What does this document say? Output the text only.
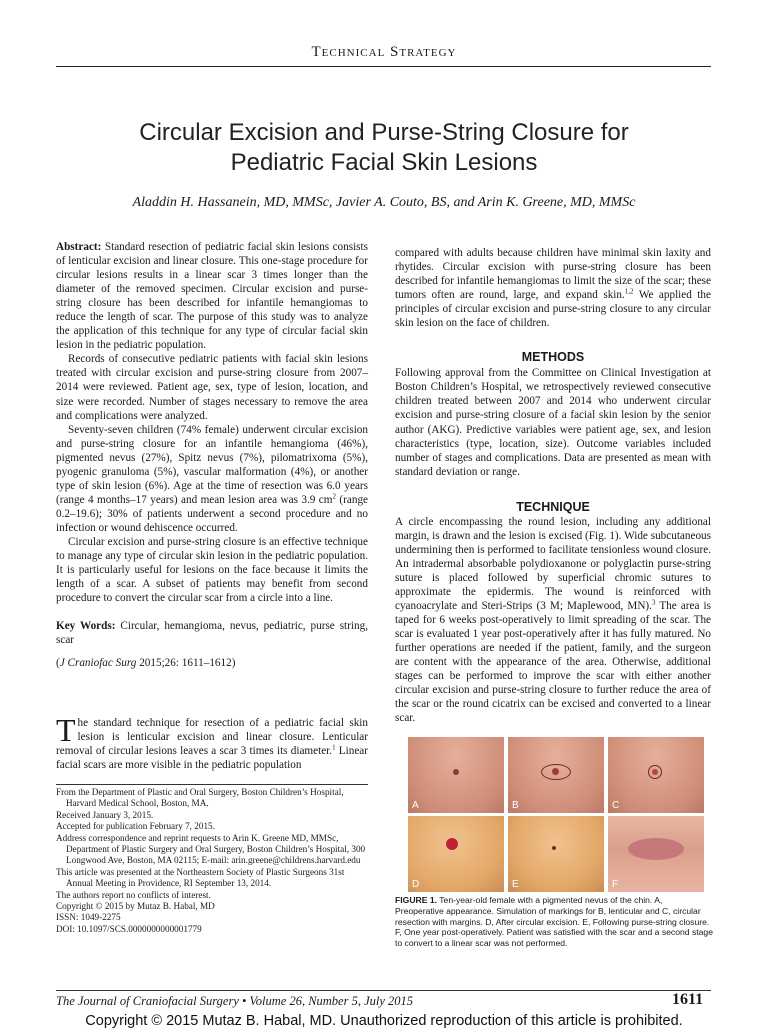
Technical Strategy
Circular Excision and Purse-String Closure for
Pediatric Facial Skin Lesions
Aladdin H. Hassanein, MD, MMSc, Javier A. Couto, BS, and Arin K. Greene, MD, MMSc

Abstract: Standard resection of pediatric facial skin lesions consists of lenticular excision and linear closure. This one-stage procedure for circular lesions results in a linear scar 3 times longer than the diameter of the removed specimen. Circular excision and purse-string closure has been described for infantile hemangiomas to reduce the length of scar. The purpose of this study was to analyze the application of this technique for any type of circular facial skin lesion in the pediatric population.

Records of consecutive pediatric patients with facial skin lesions treated with circular excision and purse-string closure from 2007–2014 were reviewed. Patient age, sex, type of lesion, location, and size were recorded. Number of stages necessary to remove the area and complications were analyzed.

Seventy-seven children (74% female) underwent circular excision and purse-string closure for an infantile hemangioma (46%), pigmented nevus (27%), Spitz nevus (7%), pilomatrixoma (5%), pyogenic granuloma (5%), vascular malformation (4%), or another type of skin lesion (6%). Age at the time of resection was 6.0 years (range 4 months–17 years) and mean lesion area was 3.9 $cm^2$ (range 0.2–19.6); 30% of patients underwent a second procedure and no infection or wound dehiscence occurred.

Circular excision and purse-string closure is an effective technique to manage any type of circular skin lesion in the pediatric population. It is particularly useful for lesions on the face because it limits the length of a scar. A subset of patients may benefit from second procedure to convert the circular scar from a circle into a line.

Key Words: Circular, hemangioma, nevus, pediatric, purse string, scar

(J Craniofac Surg 2015;26: 1611–1612)

The standard technique for resection of a pediatric facial skin lesion is lenticular excision and linear closure. Lenticular removal of circular lesions leaves a scar 3 times its diameter.$^1$ Linear facial scars are more visible in the pediatric population
From the Department of Plastic and Oral Surgery, Boston Children’s Hospital, Harvard Medical School, Boston, MA.
Received January 3, 2015.
Accepted for publication February 7, 2015.
Address correspondence and reprint requests to Arin K. Greene MD, MMSc, Department of Plastic Surgery and Oral Surgery, Boston Children’s Hospital, 300 Longwood Ave, Boston, MA 02115; E-mail: arin.greene@childrens.harvard.edu
This article was presented at the Northeastern Society of Plastic Surgeons 31st Annual Meeting in Providence, RI September 13, 2014.
The authors report no conflicts of interest.
Copyright © 2015 by Mutaz B. Habal, MD
ISSN: 1049-2275
DOI: 10.1097/SCS.0000000000001779

compared with adults because children have minimal skin laxity and rhytides. Circular excision with purse-string closure has been described for infantile hemangiomas to limit the size of the scar; these tumors often are round, large, and expand skin.$^{1,2}$ We applied the principles of circular excision and purse-string closure to any circular skin lesion on the face of children.

METHODS

Following approval from the Committee on Clinical Investigation at Boston Children’s Hospital, we retrospectively reviewed consecutive children treated between 2007 and 2014 who underwent circular excision and purse-string closure of a facial skin lesion by the senior author (AKG). Predictive variables were patient age, sex, and lesion characteristics (type, location, size). Outcome variables included number of stages and complications. Data are presented as mean with standard deviation or range.

TECHNIQUE

A circle encompassing the round lesion, including any additional margin, is drawn and the lesion is excised (Fig. 1). Wide subcutaneous undermining then is performed to facilitate tensionless wound closure. An intradermal absorbable polydioxanone or polyglactin purse-string suture is placed followed by superficial chromic sutures to approximate the epidermis. The wound is reinforced with cyanoacrylate and Steri-Strips (3 M; Maplewood, MN).$^3$ The area is taped for 6 weeks post-operatively to limit spreading of the scar. The scar is evaluated 1 year post-operatively after it has fully matured. No further operations are needed if the patient, family, and the surgeon are content with the appearance of the area. Otherwise, additional stages can be performed to improve the scar with either another circular excision and purse-string closure to further reduce the area of the scar or the round cicatrix can be excised and converted to a linear scar.

A	B	C
D	E	F
FIGURE 1. Ten-year-old female with a pigmented nevus of the chin. A, Preoperative appearance. Simulation of markings for B, lenticular and C, circular resection with margins. D, After circular excision. E, Following purse-string closure. F, One year post-operatively. Patient was satisfied with the scar and a second stage to convert to a linear scar was not performed.
The Journal of Craniofacial Surgery • Volume 26, Number 5, July 2015	1611
Copyright © 2015 Mutaz B. Habal, MD. Unauthorized reproduction of this article is prohibited.
